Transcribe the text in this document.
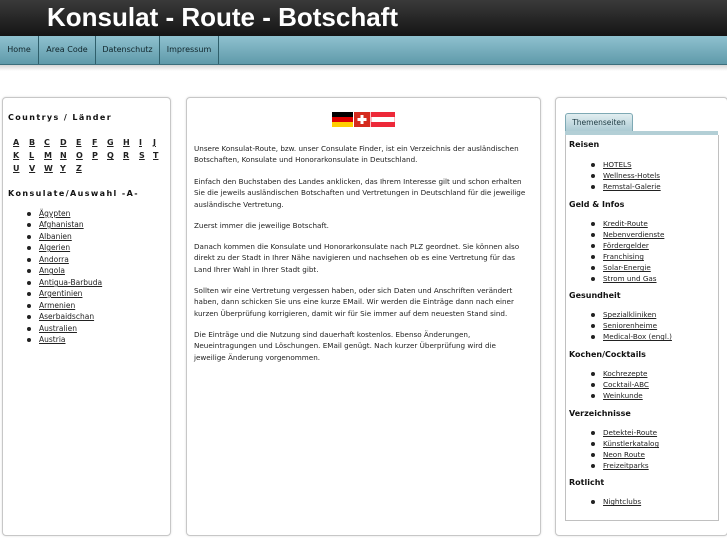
Konsulat - Route - Botschaft
Home	Area Code	Datenschutz	Impressum
Countrys / Länder
A B C D E F G H I J
K L M N O P Q R S T
U V W Y Z
Konsulate/Auswahl -A-
Ägypten
Afghanistan
Albanien
Algerien
Andorra
Angola
Antigua-Barbuda
Argentinien
Armenien
Aserbaidschan
Australien
Austria
Unsere Konsulat-Route, bzw. unser Consulate Finder, ist ein Verzeichnis der ausländischen Botschaften, Konsulate und Honorarkonsulate in Deutschland.
Einfach den Buchstaben des Landes anklicken, das Ihrem Interesse gilt und schon erhalten Sie die jeweils ausländischen Botschaften und Vertretungen in Deutschland für die jeweilige ausländische Vertretung.
Zuerst immer die jeweilige Botschaft.
Danach kommen die Konsulate und Honorarkonsulate nach PLZ geordnet. Sie können also direkt zu der Stadt in Ihrer Nähe navigieren und nachsehen ob es eine Vertretung für das Land Ihrer Wahl in Ihrer Stadt gibt.
Sollten wir eine Vertretung vergessen haben, oder sich Daten und Anschriften verändert haben, dann schicken Sie uns eine kurze EMail. Wir werden die Einträge dann nach einer kurzen Überprüfung korrigieren, damit wir für Sie immer auf dem neuesten Stand sind.
Die Einträge und die Nutzung sind dauerhaft kostenlos. Ebenso Änderungen, Neueintragungen und Löschungen. EMail genügt. Nach kurzer Überprüfung wird die jeweilige Änderung vorgenommen.
Themenseiten
Reisen
HOTELS
Wellness-Hotels
Remstal-Galerie
Geld & Infos
Kredit-Route
Nebenverdienste
Fördergelder
Franchising
Solar-Energie
Strom und Gas
Gesundheit
Spezialkliniken
Seniorenheime
Medical-Box (engl.)
Kochen/Cocktails
Kochrezepte
Cocktail-ABC
Weinkunde
Verzeichnisse
Detektei-Route
Künstlerkatalog
Neon Route
Freizeitparks
Rotlicht
Nightclubs
